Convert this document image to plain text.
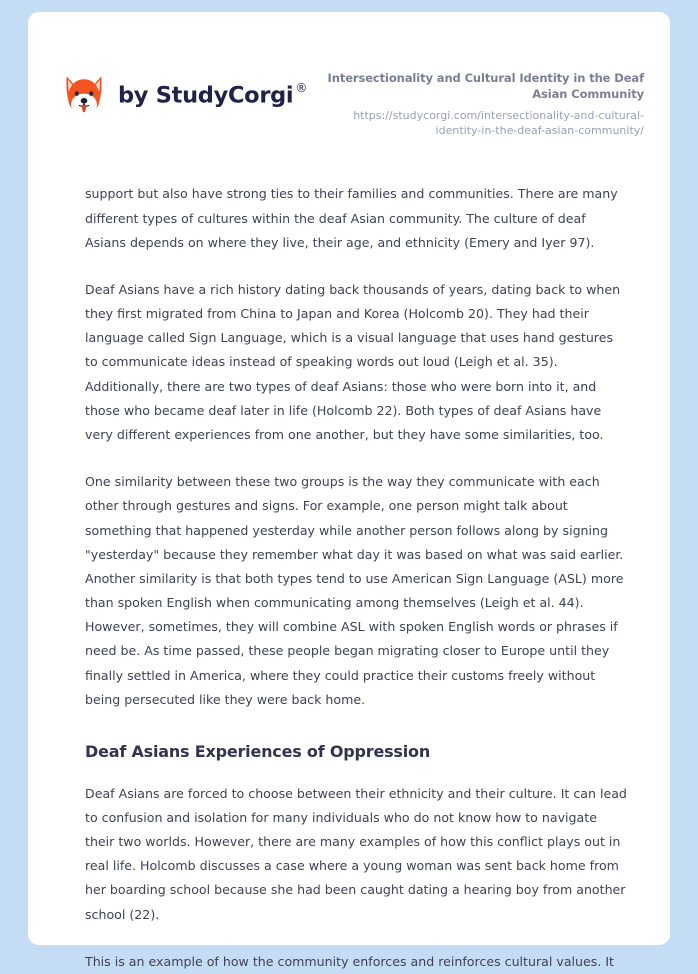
by StudyCorgi ®
Intersectionality and Cultural Identity in the Deaf Asian Community
https://studycorgi.com/intersectionality-and-cultural-identity-in-the-deaf-asian-community/

support but also have strong ties to their families and communities. There are many different types of cultures within the deaf Asian community. The culture of deaf Asians depends on where they live, their age, and ethnicity (Emery and Iyer 97).

Deaf Asians have a rich history dating back thousands of years, dating back to when they first migrated from China to Japan and Korea (Holcomb 20). They had their language called Sign Language, which is a visual language that uses hand gestures to communicate ideas instead of speaking words out loud (Leigh et al. 35). Additionally, there are two types of deaf Asians: those who were born into it, and those who became deaf later in life (Holcomb 22). Both types of deaf Asians have very different experiences from one another, but they have some similarities, too.

One similarity between these two groups is the way they communicate with each other through gestures and signs. For example, one person might talk about something that happened yesterday while another person follows along by signing "yesterday" because they remember what day it was based on what was said earlier. Another similarity is that both types tend to use American Sign Language (ASL) more than spoken English when communicating among themselves (Leigh et al. 44). However, sometimes, they will combine ASL with spoken English words or phrases if need be. As time passed, these people began migrating closer to Europe until they finally settled in America, where they could practice their customs freely without being persecuted like they were back home.

Deaf Asians Experiences of Oppression

Deaf Asians are forced to choose between their ethnicity and their culture. It can lead to confusion and isolation for many individuals who do not know how to navigate their two worlds. However, there are many examples of how this conflict plays out in real life. Holcomb discusses a case where a young woman was sent back home from her boarding school because she had been caught dating a hearing boy from another school (22).

This is an example of how the community enforces and reinforces cultural values. It
